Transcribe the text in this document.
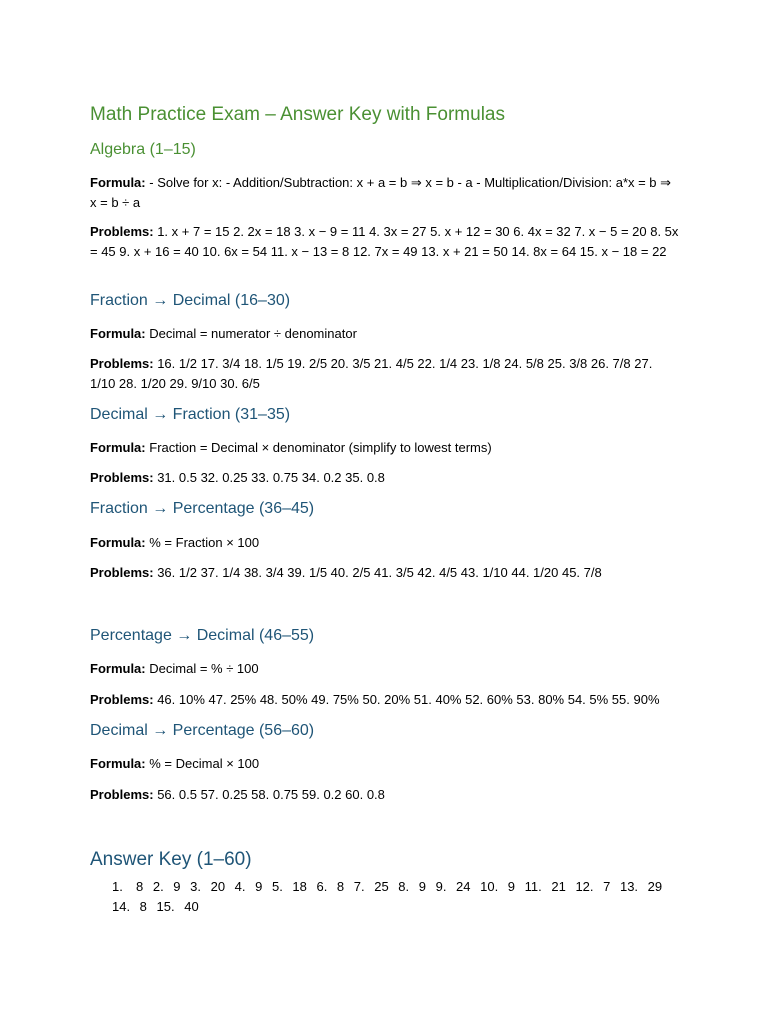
Math Practice Exam – Answer Key with Formulas
Algebra (1–15)

Formula: - Solve for x: - Addition/Subtraction: x + a = b ⇒ x = b - a - Multiplication/Division: a*x = b ⇒ x = b ÷ a

Problems: 1. x + 7 = 15 2. 2x = 18 3. x − 9 = 11 4. 3x = 27 5. x + 12 = 30 6. 4x = 32 7. x − 5 = 20 8. 5x = 45 9. x + 16 = 40 10. 6x = 54 11. x − 13 = 8 12. 7x = 49 13. x + 21 = 50 14. 8x = 64 15. x − 18 = 22

Fraction → Decimal (16–30)

Formula: Decimal = numerator ÷ denominator

Problems: 16. 1/2 17. 3/4 18. 1/5 19. 2/5 20. 3/5 21. 4/5 22. 1/4 23. 1/8 24. 5/8 25. 3/8 26. 7/8 27. 1/10 28. 1/20 29. 9/10 30. 6/5

Decimal → Fraction (31–35)

Formula: Fraction = Decimal × denominator (simplify to lowest terms)

Problems: 31. 0.5 32. 0.25 33. 0.75 34. 0.2 35. 0.8

Fraction → Percentage (36–45)

Formula: % = Fraction × 100

Problems: 36. 1/2 37. 1/4 38. 3/4 39. 1/5 40. 2/5 41. 3/5 42. 4/5 43. 1/10 44. 1/20 45. 7/8

Percentage → Decimal (46–55)

Formula: Decimal = % ÷ 100

Problems: 46. 10% 47. 25% 48. 50% 49. 75% 50. 20% 51. 40% 52. 60% 53. 80% 54. 5% 55. 90%

Decimal → Percentage (56–60)

Formula: % = Decimal × 100

Problems: 56. 0.5 57. 0.25 58. 0.75 59. 0.2 60. 0.8

Answer Key (1–60)
1. 8 2. 9 3. 20 4. 9 5. 18 6. 8 7. 25 8. 9 9. 24 10. 9 11. 21 12. 7 13. 29 14. 8 15. 40
